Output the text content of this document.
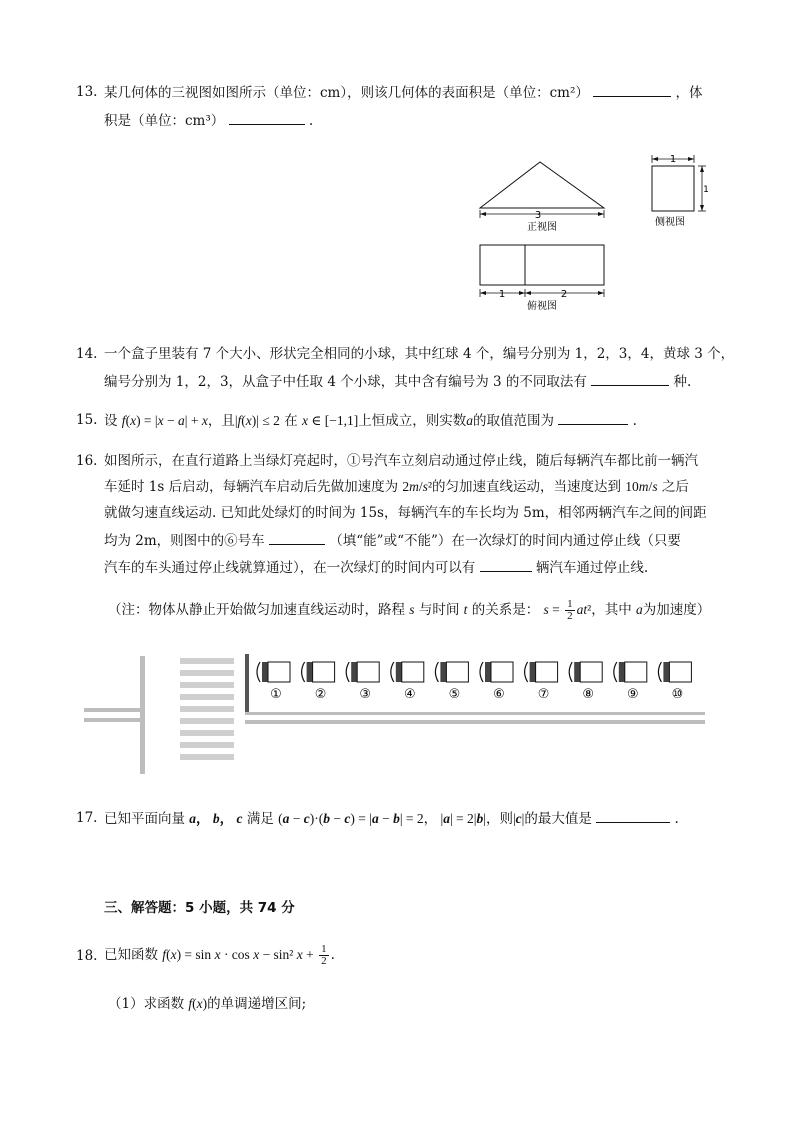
13. 某几何体的三视图如图所示（单位：cm），则该几何体的表面积是（单位：cm²）	，体
积是（单位：cm³）	.
3
正视图
1
1
侧视图
1	2
俯视图
14. 一个盒子里装有 7 个大小、形状完全相同的小球，其中红球 4 个，编号分别为 1，2，3，4，黄球 3 个，
编号分别为 1，2，3，从盒子中任取 4 个小球，其中含有编号为 3 的不同取法有	种.
15. 设 f(x) = |x − a| + x，且|f(x)| ≤ 2 在 x ∈ [−1,1]上恒成立，则实数a的取值范围为	.
16. 如图所示，在直行道路上当绿灯亮起时，①号汽车立刻启动通过停止线，随后每辆汽车都比前一辆汽
车延时 1s 后启动，每辆汽车启动后先做加速度为 2m/s²的匀加速直线运动，当速度达到 10m/s 之后
就做匀速直线运动. 已知此处绿灯的时间为 15s，每辆汽车的车长均为 5m，相邻两辆汽车之间的间距
均为 2m，则图中的⑥号车	（填“能”或“不能”）在一次绿灯的时间内通过停止线（只要
汽车的车头通过停止线就算通过），在一次绿灯的时间内可以有	辆汽车通过停止线.
（注：物体从静止开始做匀加速直线运动时，路程 s 与时间 t 的关系是： $s = \frac{1}{2} at^2$，其中 a为加速度）
①	②	③	④	⑤	⑥	⑦	⑧	⑨	⑩
17. 已知平面向量 a， b， c 满足 (a − c)·(b − c) = |a − b| = 2， |a| = 2|b|，则|c|的最大值是	.
三、解答题：5 小题，共 74 分
18. 已知函数 f(x) = sin x · cos x − sin² $x + \frac{1}{2}$ .
（1）求函数 f(x)的单调递增区间;
